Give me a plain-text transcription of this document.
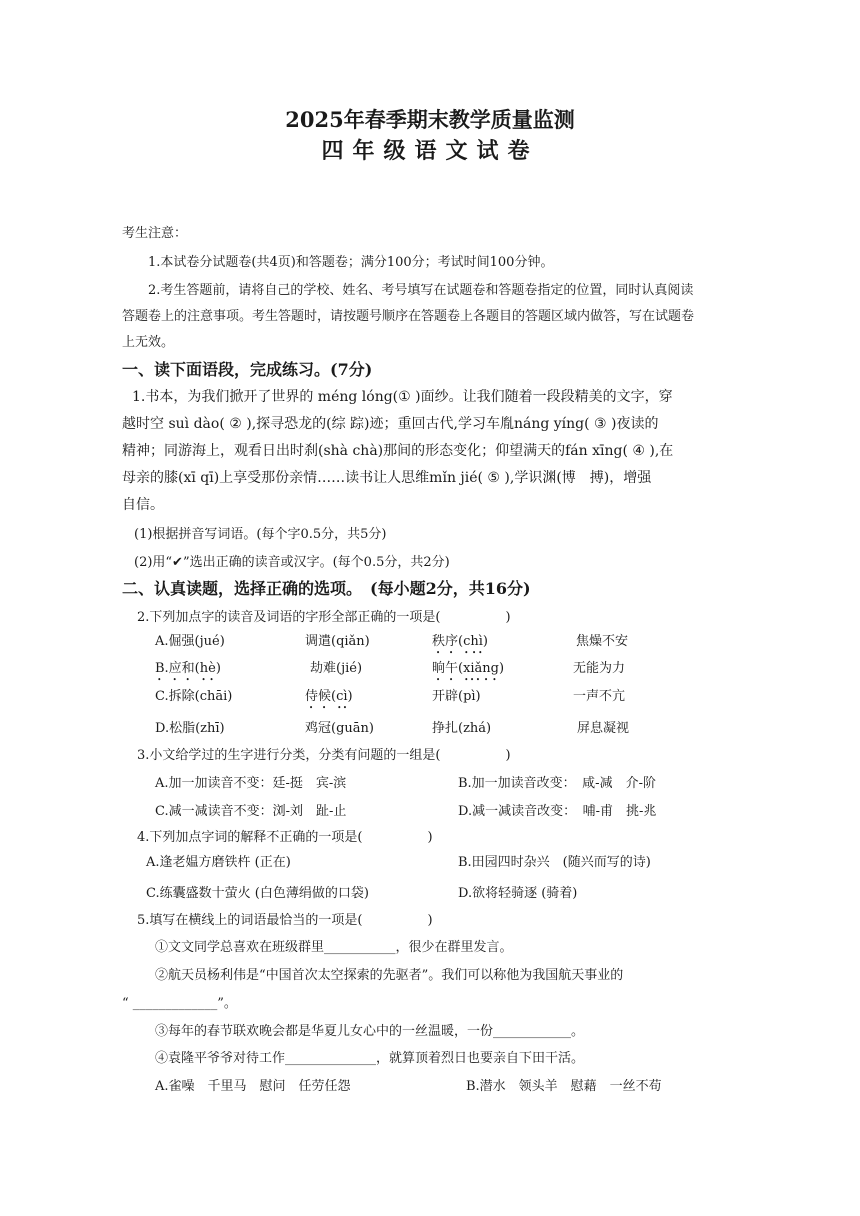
2025年春季期末教学质量监测
四年级语文试卷
考生注意：
1.本试卷分试题卷(共4页)和答题卷；满分100分；考试时间100分钟。
2.考生答题前，请将自己的学校、姓名、考号填写在试题卷和答题卷指定的位置，同时认真阅读
答题卷上的注意事项。考生答题时，请按题号顺序在答题卷上各题目的答题区域内做答，写在试题卷
上无效。
一、读下面语段，完成练习。(7分)
1.书本，为我们掀开了世界的 méng lóng(① )面纱。让我们随着一段段精美的文字，穿
越时空 suì dào( ② ),探寻恐龙的(综 踪)迹；重回古代,学习车胤náng yíng( ③ )夜读的
精神；同游海上，观看日出时刹(shà chà)那间的形态变化；仰望满天的fán xīng( ④ ),在
母亲的膝(xī qī)上享受那份亲情……读书让人思维mǐn jié( ⑤ ),学识渊(博　搏)，增强
自信。
(1)根据拼音写词语。(每个字0.5分，共5分)
(2)用“✔”选出正确的读音或汉字。(每个0.5分，共2分)
二、认真读题，选择正确的选项。　(每小题2分，共16分)
2.下列加点字的读音及词语的字形全部正确的一项是(　　　　　)
A.倔强(jué)	调遣(qiǎn)	秩序(chì)	焦燥不安
B.应和(hè)	劫难(jié)	晌午(xiǎng)	无能为力
C.拆除(chāi)	侍候(cì)	开辟(pì)	一声不亢
D.松脂(zhī)	鸡冠(guān)	挣扎(zhá)	屏息凝视
3.小文给学过的生字进行分类，分类有问题的一组是(　　　　　)
A.加一加读音不变：廷-挺　宾-滨	B.加一加读音改变：　咸-减　介-阶
C.减一减读音不变：浏-刘　趾-止	D.减一减读音改变：　哺-甫　挑-兆
4.下列加点字词的解释不正确的一项是(　　　　　)
A.逢老媪方磨铁杵 (正在)	B.田园四时杂兴　(随兴而写的诗)
C.练囊盛数十萤火 (白色薄绢做的口袋)	D.欲将轻骑逐 (骑着)
5.填写在横线上的词语最恰当的一项是(　　　　　)
①文文同学总喜欢在班级群里___________，很少在群里发言。
②航天员杨利伟是“中国首次太空探索的先驱者”。我们可以称他为我国航天事业的
“ _____________”。
③每年的春节联欢晚会都是华夏儿女心中的一丝温暖，一份____________。
④袁隆平爷爷对待工作______________，就算顶着烈日也要亲自下田干活。
A.雀噪　千里马　慰问　任劳任怨	B.潜水　领头羊　慰藉　一丝不苟
